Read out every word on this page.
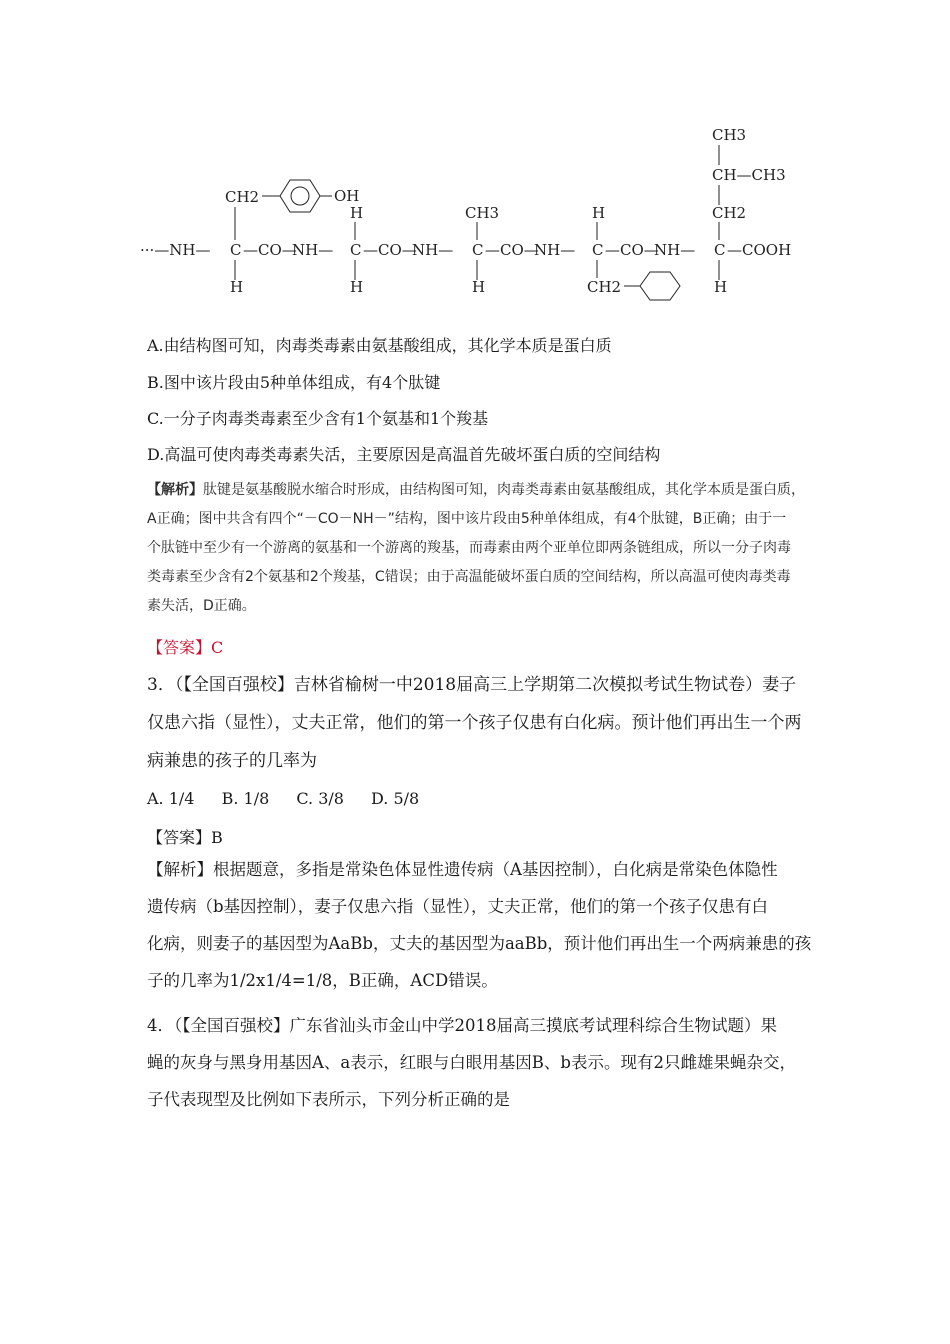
···—NH— C —CO—
NH— C —CO—
NH— C —CO—
NH— C —CO—
NH— C —COOH
CH2	OH
H
H
H
CH3
H
H
CH2
CH3
CH—CH3
CH2
H
A.由结构图可知，肉毒类毒素由氨基酸组成，其化学本质是蛋白质
B.图中该片段由5种单体组成，有4个肽键
C.一分子肉毒类毒素至少含有1个氨基和1个羧基
D.高温可使肉毒类毒素失活，主要原因是高温首先破坏蛋白质的空间结构
【解析】肽键是氨基酸脱水缩合时形成，由结构图可知，肉毒类毒素由氨基酸组成，其化学本质是蛋白质，
A正确；图中共含有四个“－CO－NH－”结构，图中该片段由5种单体组成，有4个肽键，B正确；由于一
个肽链中至少有一个游离的氨基和一个游离的羧基，而毒素由两个亚单位即两条链组成，所以一分子肉毒
类毒素至少含有2个氨基和2个羧基，C错误；由于高温能破坏蛋白质的空间结构，所以高温可使肉毒类毒
素失活，D正确。
【答案】C
3．（【全国百强校】吉林省榆树一中2018届高三上学期第二次模拟考试生物试卷）妻子
仅患六指（显性），丈夫正常，他们的第一个孩子仅患有白化病。预计他们再出生一个两
病兼患的孩子的几率为
A. 1/4 B. 1/8 C. 3/8 D. 5/8
【答案】B
【解析】根据题意，多指是常染色体显性遗传病（A基因控制），白化病是常染色体隐性
遗传病（b基因控制），妻子仅患六指（显性），丈夫正常，他们的第一个孩子仅患有白
化病，则妻子的基因型为AaBb，丈夫的基因型为aaBb，预计他们再出生一个两病兼患的孩
子的几率为1/2x1/4=1/8，B正确，ACD错误。
4．（【全国百强校】广东省汕头市金山中学2018届高三摸底考试理科综合生物试题）果
蝇的灰身与黑身用基因A、a表示，红眼与白眼用基因B、b表示。现有2只雌雄果蝇杂交，
子代表现型及比例如下表所示，下列分析正确的是
